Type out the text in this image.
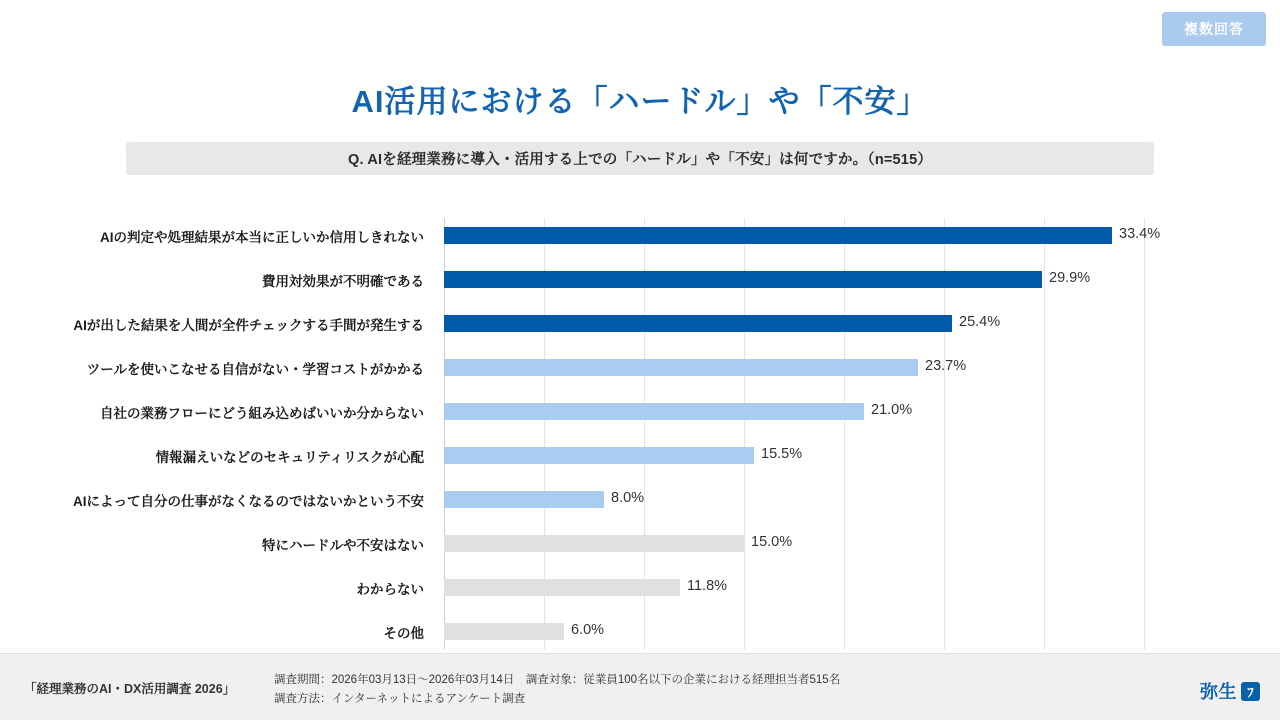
複数回答
AI活用における「ハードル」や「不安」
Q. AIを経理業務に導入・活用する上での「ハードル」や「不安」は何ですか。（n=515）
AIの判定や処理結果が本当に正しいか信用しきれない
費用対効果が不明確である
AIが出した結果を人間が全件チェックする手間が発生する
ツールを使いこなせる自信がない・学習コストがかかる
自社の業務フローにどう組み込めばいいか分からない
情報漏えいなどのセキュリティリスクが心配
AIによって自分の仕事がなくなるのではないかという不安
特にハードルや不安はない
わからない
その他
33.4%
29.9%
25.4%
23.7%
21.0%
15.5%
8.0%
15.0%
11.8%
6.0%
「経理業務のAI・DX活用調査 2026」
調査期間：2026年03月13日〜2026年03月14日　調査対象：従業員100名以下の企業における経理担当者515名
調査方法：インターネットによるアンケート調査	弥生 ﾌ
